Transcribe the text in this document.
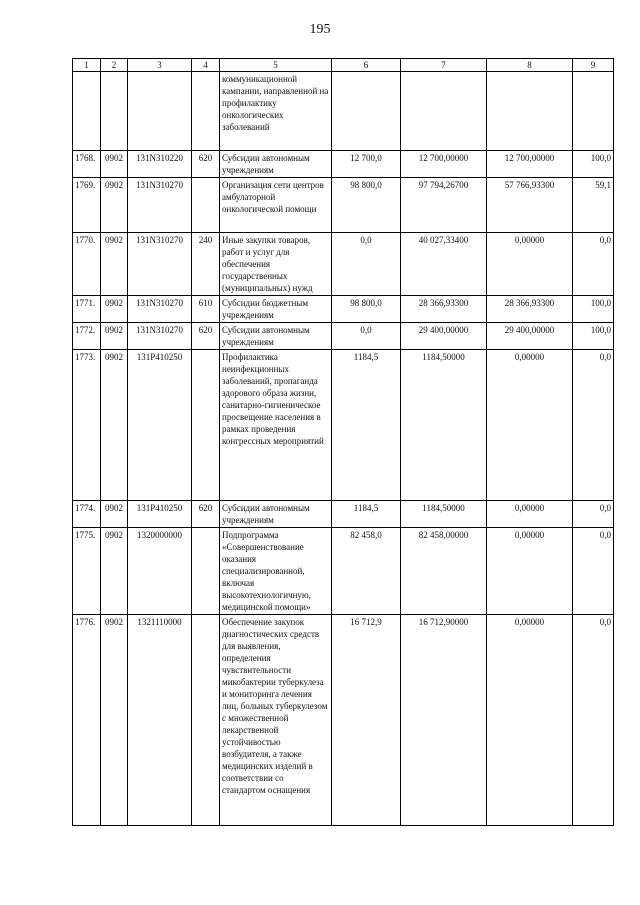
195
1	2	3	4	5	6	7	8	9
				коммуникационной кампании, направленной на профилактику онкологических заболеваний				
1768.	0902	131N310220	620	Субсидии автономным учреждениям	12 700,0	12 700,00000	12 700,00000	100,0
1769.	0902	131N310270		Организация сети центров амбулаторной онкологической помощи	98 800,0	97 794,26700	57 766,93300	59,1
1770.	0902	131N310270	240	Иные закупки товаров, работ и услуг для обеспечения государственных (муниципальных) нужд	0,0	40 027,33400	0,00000	0,0
1771.	0902	131N310270	610	Субсидии бюджетным учреждениям	98 800,0	28 366,93300	28 366,93300	100,0
1772.	0902	131N310270	620	Субсидии автономным учреждениям	0,0	29 400,00000	29 400,00000	100,0
1773.	0902	131P410250		Профилактика неинфекционных заболеваний, пропаганда здорового образа жизни, санитарно-гигиеническое просвещение населения в рамках проведения конгрессных мероприятий	1184,5	1184,50000	0,00000	0,0
1774.	0902	131P410250	620	Субсидии автономным учреждениям	1184,5	1184,50000	0,00000	0,0
1775.	0902	1320000000		Подпрограмма «Совершенствование оказания специализированной, включая высокотехнологичную, медицинской помощи»	82 458,0	82 458,00000	0,00000	0,0
1776.	0902	1321110000		Обеспечение закупок диагностических средств для выявления, определения чувствительности микобактерии туберкулеза и мониторинга лечения лиц, больных туберкулезом с множественной лекарственной устойчивостью возбудителя, а также медицинских изделий в соответствии со стандартом оснащения	16 712,9	16 712,90000	0,00000	0,0
